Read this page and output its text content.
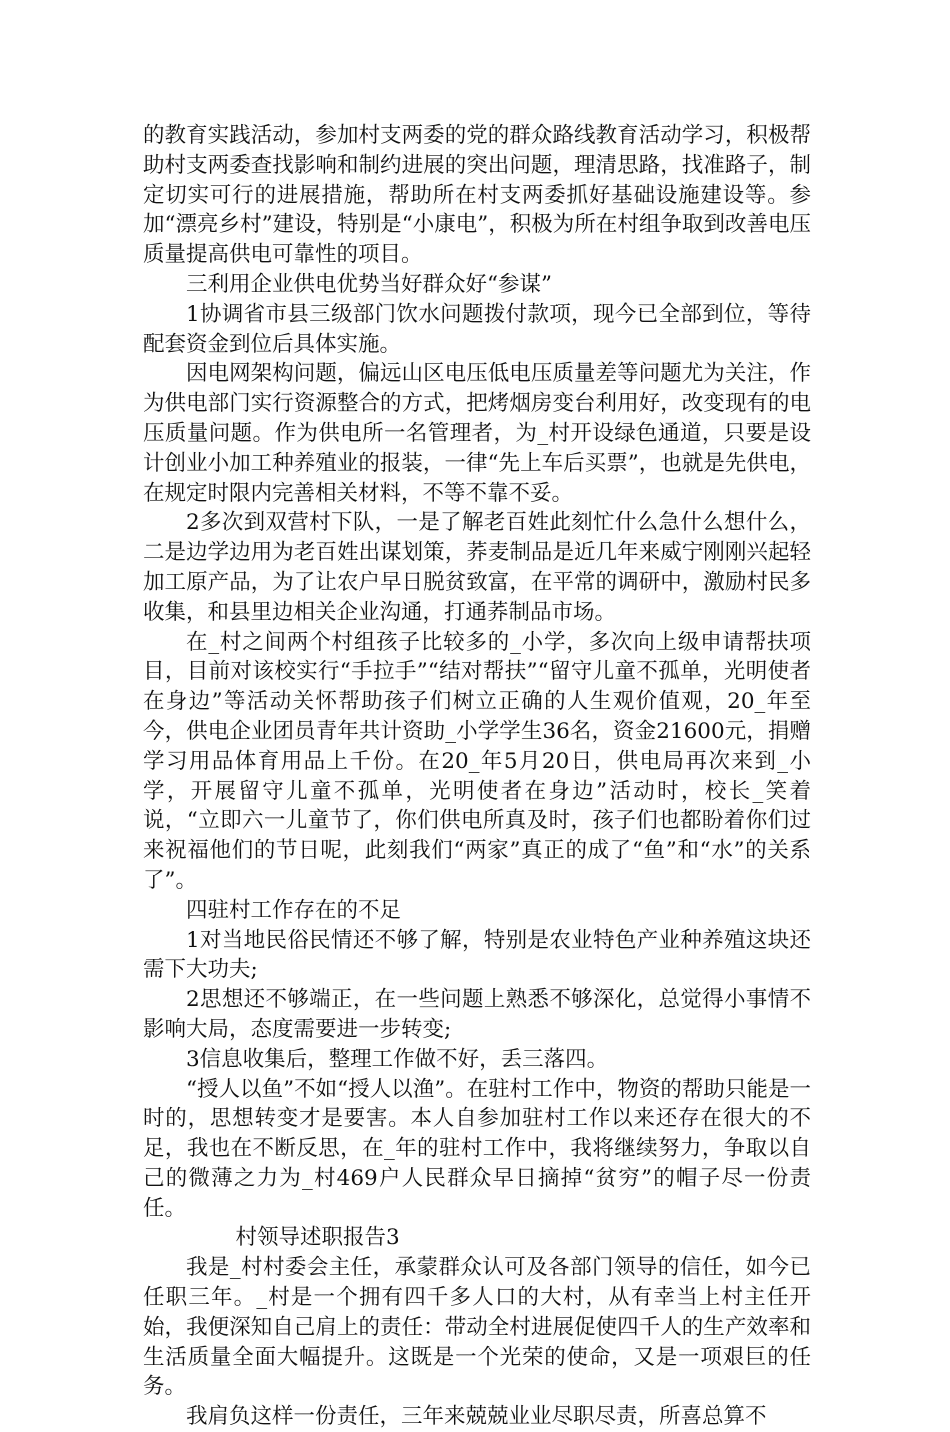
的教育实践活动，参加村支两委的党的群众路线教育活动学习，积极帮助村支两委查找影响和制约进展的突出问题，理清思路，找准路子，制定切实可行的进展措施，帮助所在村支两委抓好基础设施建设等。参加“漂亮乡村”建设，特别是“小康电”，积极为所在村组争取到改善电压质量提高供电可靠性的项目。

三利用企业供电优势当好群众好“参谋”

1协调省市县三级部门饮水问题拨付款项，现今已全部到位，等待配套资金到位后具体实施。

因电网架构问题，偏远山区电压低电压质量差等问题尤为关注，作为供电部门实行资源整合的方式，把烤烟房变台利用好，改变现有的电压质量问题。作为供电所一名管理者，为_村开设绿色通道，只要是设计创业小加工种养殖业的报装，一律“先上车后买票”，也就是先供电，在规定时限内完善相关材料，不等不靠不妥。

2多次到双营村下队，一是了解老百姓此刻忙什么急什么想什么，二是边学边用为老百姓出谋划策，荞麦制品是近几年来威宁刚刚兴起轻加工原产品，为了让农户早日脱贫致富，在平常的调研中，激励村民多收集，和县里边相关企业沟通，打通荞制品市场。

在_村之间两个村组孩子比较多的_小学，多次向上级申请帮扶项目，目前对该校实行“手拉手”“结对帮扶”“留守儿童不孤单，光明使者在身边”等活动关怀帮助孩子们树立正确的人生观价值观，20_年至今，供电企业团员青年共计资助_小学学生36名，资金21600元，捐赠学习用品体育用品上千份。在20_年5月20日，供电局再次来到_小学，开展留守儿童不孤单，光明使者在身边”活动时，校长_笑着说，“立即六一儿童节了，你们供电所真及时，孩子们也都盼着你们过来祝福他们的节日呢，此刻我们“两家”真正的成了“鱼”和“水”的关系了”。

四驻村工作存在的不足

1对当地民俗民情还不够了解，特别是农业特色产业种养殖这块还需下大功夫;

2思想还不够端正，在一些问题上熟悉不够深化，总觉得小事情不影响大局，态度需要进一步转变;

3信息收集后，整理工作做不好，丢三落四。

“授人以鱼”不如“授人以渔”。在驻村工作中，物资的帮助只能是一时的，思想转变才是要害。本人自参加驻村工作以来还存在很大的不足，我也在不断反思，在_年的驻村工作中，我将继续努力，争取以自己的微薄之力为_村469户人民群众早日摘掉“贫穷”的帽子尽一份责任。

村领导述职报告3

我是_村村委会主任，承蒙群众认可及各部门领导的信任，如今已任职三年。_村是一个拥有四千多人口的大村，从有幸当上村主任开始，我便深知自己肩上的责任：带动全村进展促使四千人的生产效率和生活质量全面大幅提升。这既是一个光荣的使命，又是一项艰巨的任务。

我肩负这样一份责任，三年来兢兢业业尽职尽责，所喜总算不
